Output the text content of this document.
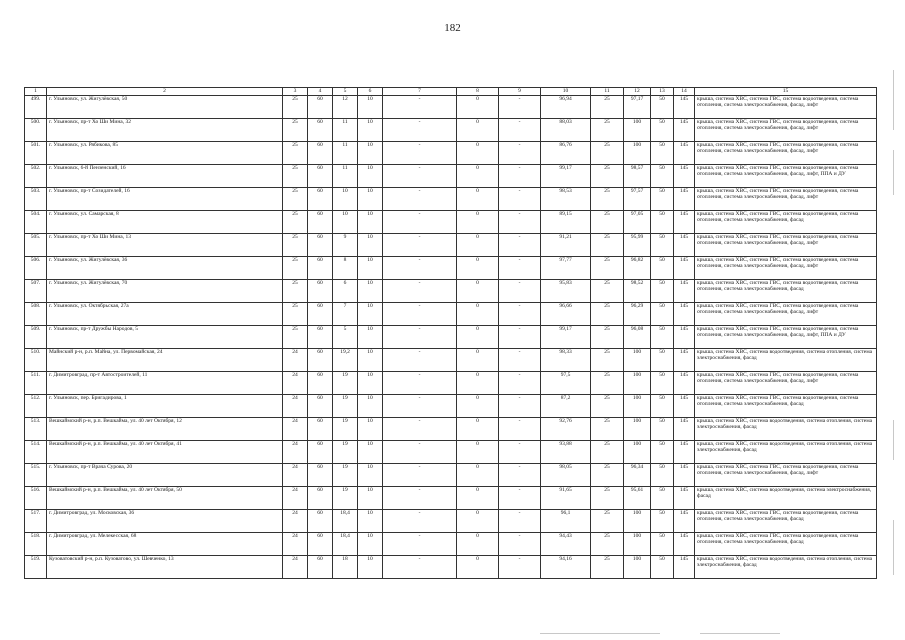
182
1	2	3	4	5	6	7	8	9	10	11	12	13	14	15
499.	г. Ульяновск, ул. Жигулёвская, 50	25	60	12	10	-	0	-	96,94	25	97,17	50	145	крыша, система ХВС, система ГВС, система водоотведения, система отопления, система электроснабжения, фасад, лифт
500.	г. Ульяновск, пр-т Хо Ши Мина, 32	25	60	11	10	-	0	-	88,03	25	100	50	145	крыша, система ХВС, система ГВС, система водоотведения, система отопления, система электроснабжения, фасад, лифт
501.	г. Ульяновск, ул. Рябикова, 85	25	60	11	10	-	0	-	86,76	25	100	50	145	крыша, система ХВС, система ГВС, система водоотведения, система отопления, система электроснабжения, фасад, лифт
502.	г. Ульяновск, 6-й Пензенский, 16	25	60	11	10	-	0	-	99,17	25	98,57	50	145	крыша, система ХВС, система ГВС, система водоотведения, система отопления, система электроснабжения, фасад, лифт, ППА и ДУ
503.	г. Ульяновск, пр-т Созидателей, 16	25	60	10	10	-	0	-	98,53	25	97,57	50	145	крыша, система ХВС, система ГВС, система водоотведения, система отопления, система электроснабжения, фасад, лифт
504.	г. Ульяновск, ул. Самарская, 8	25	60	10	10	-	0	-	89,15	25	97,05	50	145	крыша, система ХВС, система ГВС, система водоотведения, система отопления, система электроснабжения, фасад
505.	г. Ульяновск, пр-т Хо Ши Мина, 13	25	60	9	10	-	0	-	91,21	25	95,99	50	145	крыша, система ХВС, система ГВС, система водоотведения, система отопления, система электроснабжения, фасад, лифт
506.	г. Ульяновск, ул. Жигулёвская, 36	25	60	8	10	-	0	-	97,77	25	96,82	50	145	крыша, система ХВС, система ГВС, система водоотведения, система отопления, система электроснабжения, фасад, лифт
507.	г. Ульяновск, ул. Жигулёвская, 70	25	60	6	10	-	0	-	95,83	25	98,52	50	145	крыша, система ХВС, система ГВС, система водоотведения, система отопления, система электроснабжения, фасад
508.	г. Ульяновск, ул. Октябрьская, 27а	25	60	7	10	-	0	-	96,66	25	96,29	50	145	крыша, система ХВС, система ГВС, система водоотведения, система отопления, система электроснабжения, фасад, лифт
509.	г. Ульяновск, пр-т Дружбы Народов, 5	25	60	5	10	-	0	-	99,17	25	96,08	50	145	крыша, система ХВС, система ГВС, система водоотведения, система отопления, система электроснабжения, фасад, лифт, ППА и ДУ
510.	Майнский р-н, р.п. Майна, ул. Первомайская, 24	24	60	19,2	10	-	0	-	98,33	25	100	50	145	крыша, система ХВС, система водоотведения, система отопления, система электроснабжения, фасад
511.	г. Димитровград, пр-т Автостроителей, 11	24	60	19	10	-	0	-	97,5	25	100	50	145	крыша, система ХВС, система ГВС, система водоотведения, система отопления, система электроснабжения, фасад, лифт
512.	г. Ульяновск, пер. Бригадирова, 1	24	60	19	10	-	0	-	87,2	25	100	50	145	крыша, система ХВС, система ГВС, система водоотведения, система отопления, система электроснабжения, фасад
513.	Вешкаймский р-н, р.п. Вешкайма, ул. 40 лет Октября, 12	24	60	19	10	-	0	-	92,76	25	100	50	145	крыша, система ХВС, система водоотведения, система отопления, система электроснабжения, фасад
514.	Вешкаймский р-н, р.п. Вешкайма, ул. 40 лет Октября, 41	24	60	19	10	-	0	-	93,88	25	100	50	145	крыша, система ХВС, система водоотведения, система отопления, система электроснабжения, фасад
515.	г. Ульяновск, пр-т Врача Сурова, 20	24	60	19	10	-	0	-	98,05	25	96,34	50	145	крыша, система ХВС, система ГВС, система водоотведения, система отопления, система электроснабжения, фасад, лифт
516.	Вешкаймский р-н, р.п. Вешкайма, ул. 40 лет Октября, 50	24	60	19	10	-	0	-	91,65	25	95,61	50	145	крыша, система ХВС, система водоотведения, система электроснабжения, фасад
517.	г. Димитровград, ул. Московская, 36	24	60	18,4	10	-	0	-	96,1	25	100	50	145	крыша, система ХВС, система ГВС, система водоотведения, система отопления, система электроснабжения, фасад
518.	г. Димитровград, ул. Мелекесская, 68	24	60	18,4	10	-	0	-	94,43	25	100	50	145	крыша, система ХВС, система ГВС, система водоотведения, система отопления, система электроснабжения, фасад
519.	Кузоватовский р-н, р.п. Кузоватово, ул. Шевченко, 13	24	60	18	10	-	0	-	94,16	25	100	50	145	крыша, система ХВС, система водоотведения, система отопления, система электроснабжения, фасад
